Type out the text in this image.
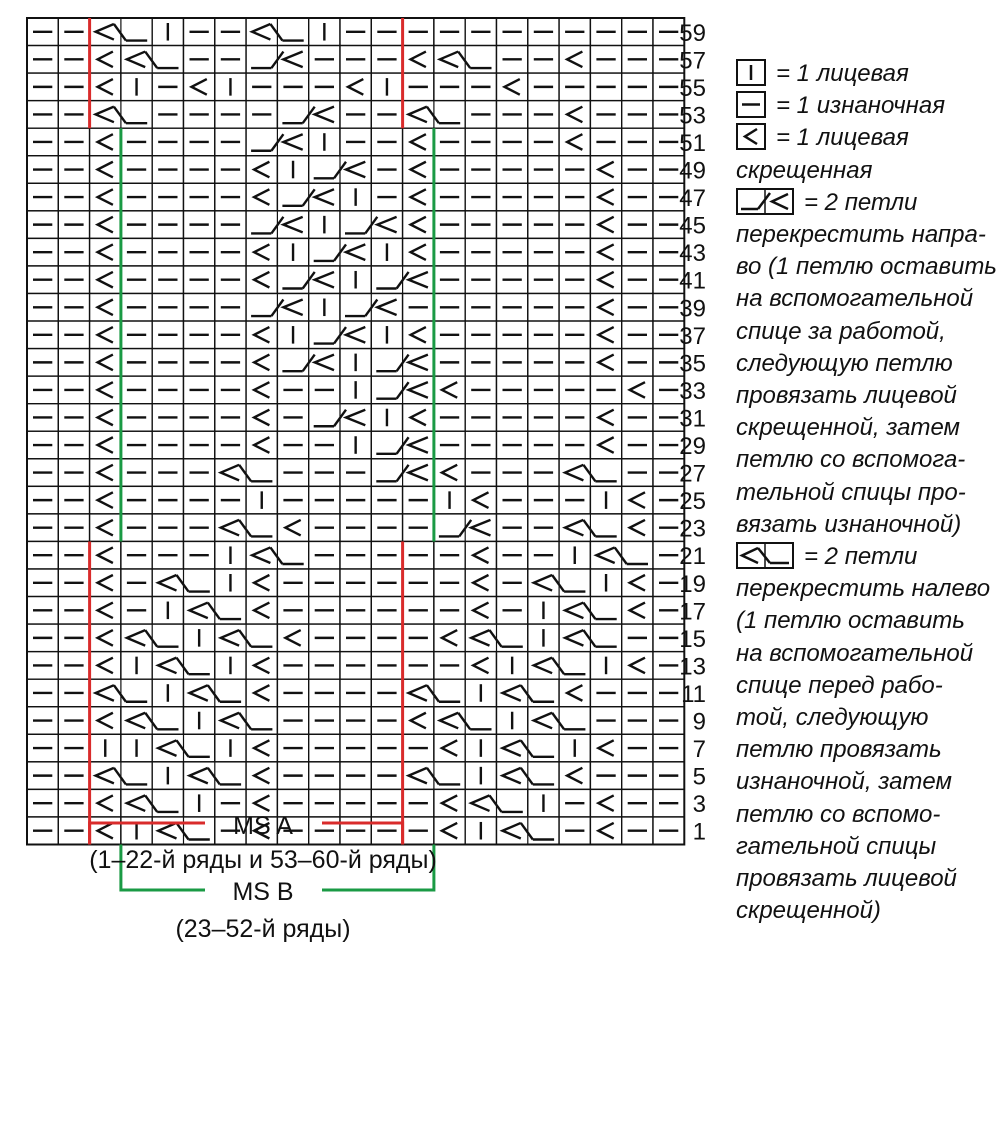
59
57
55
53
51
49
47
45
43
41
39
37
35
33
31
29
27
25
23
21
19
17
15
13
11
9
7
5
3
1
MS A
(1–22-й ряды и 53–60-й ряды)
MS B
(23–52-й ряды)
= 1 лицевая
= 1 изнаночная
= 1 лицевая
скрещенная
= 2 петли
перекрестить напра-
во (1 петлю оставить
на вспомогательной
спице за работой,
следующую петлю
провязать лицевой
скрещенной, затем
петлю со вспомога-
тельной спицы про-
вязать изнаночной)
= 2 петли
перекрестить налево
(1 петлю оставить
на вспомогательной
спице перед рабо-
той, следующую
петлю провязать
изнаночной, затем
петлю со вспомо-
гательной спицы
провязать лицевой
скрещенной)
